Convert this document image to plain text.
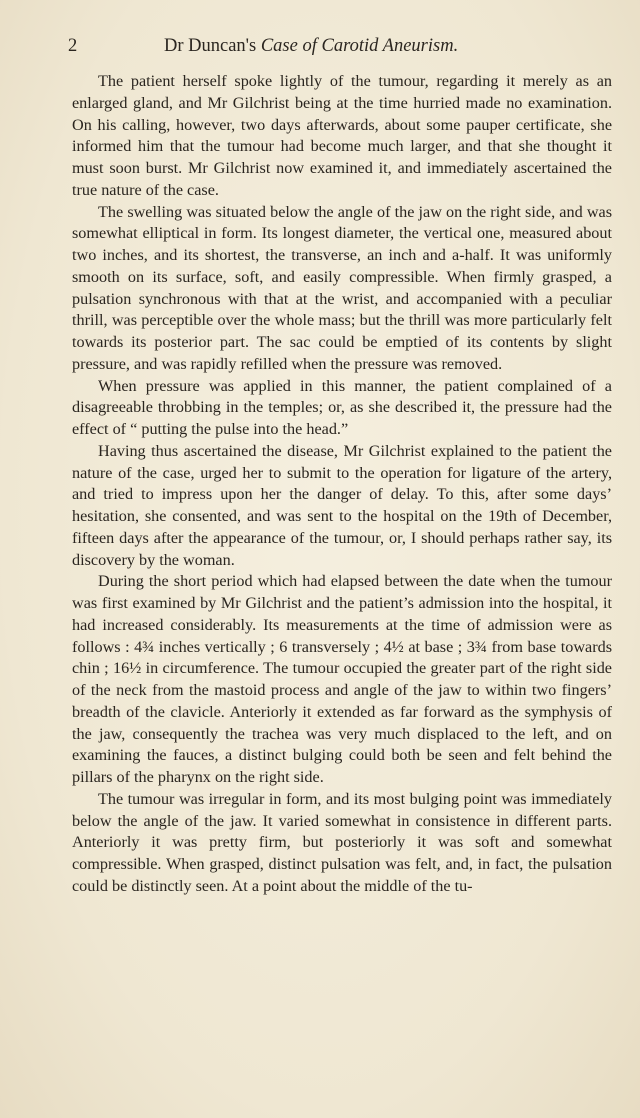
2	Dr Duncan's Case of Carotid Aneurism.

The patient herself spoke lightly of the tumour, regarding it merely as an enlarged gland, and Mr Gilchrist being at the time hurried made no examination. On his calling, however, two days afterwards, about some pauper certificate, she informed him that the tumour had become much larger, and that she thought it must soon burst. Mr Gilchrist now examined it, and immediately ascertained the true nature of the case.

The swelling was situated below the angle of the jaw on the right side, and was somewhat elliptical in form. Its longest diameter, the vertical one, measured about two inches, and its shortest, the transverse, an inch and a-half. It was uniformly smooth on its surface, soft, and easily compressible. When firmly grasped, a pulsation synchronous with that at the wrist, and accompanied with a peculiar thrill, was perceptible over the whole mass; but the thrill was more particularly felt towards its posterior part. The sac could be emptied of its contents by slight pressure, and was rapidly refilled when the pressure was removed.

When pressure was applied in this manner, the patient complained of a disagreeable throbbing in the temples; or, as she described it, the pressure had the effect of “ putting the pulse into the head.”

Having thus ascertained the disease, Mr Gilchrist explained to the patient the nature of the case, urged her to submit to the operation for ligature of the artery, and tried to impress upon her the danger of delay. To this, after some days’ hesitation, she consented, and was sent to the hospital on the 19th of December, fifteen days after the appearance of the tumour, or, I should perhaps rather say, its discovery by the woman.

During the short period which had elapsed between the date when the tumour was first examined by Mr Gilchrist and the patient’s admission into the hospital, it had increased considerably. Its measurements at the time of admission were as follows : 4¾ inches vertically ; 6 transversely ; 4½ at base ; 3¾ from base towards chin ; 16½ in circumference. The tumour occupied the greater part of the right side of the neck from the mastoid process and angle of the jaw to within two fingers’ breadth of the clavicle. Anteriorly it extended as far forward as the symphysis of the jaw, consequently the trachea was very much displaced to the left, and on examining the fauces, a distinct bulging could both be seen and felt behind the pillars of the pharynx on the right side.

The tumour was irregular in form, and its most bulging point was immediately below the angle of the jaw. It varied somewhat in consistence in different parts. Anteriorly it was pretty firm, but posteriorly it was soft and somewhat compressible. When grasped, distinct pulsation was felt, and, in fact, the pulsation could be distinctly seen. At a point about the middle of the tu-
